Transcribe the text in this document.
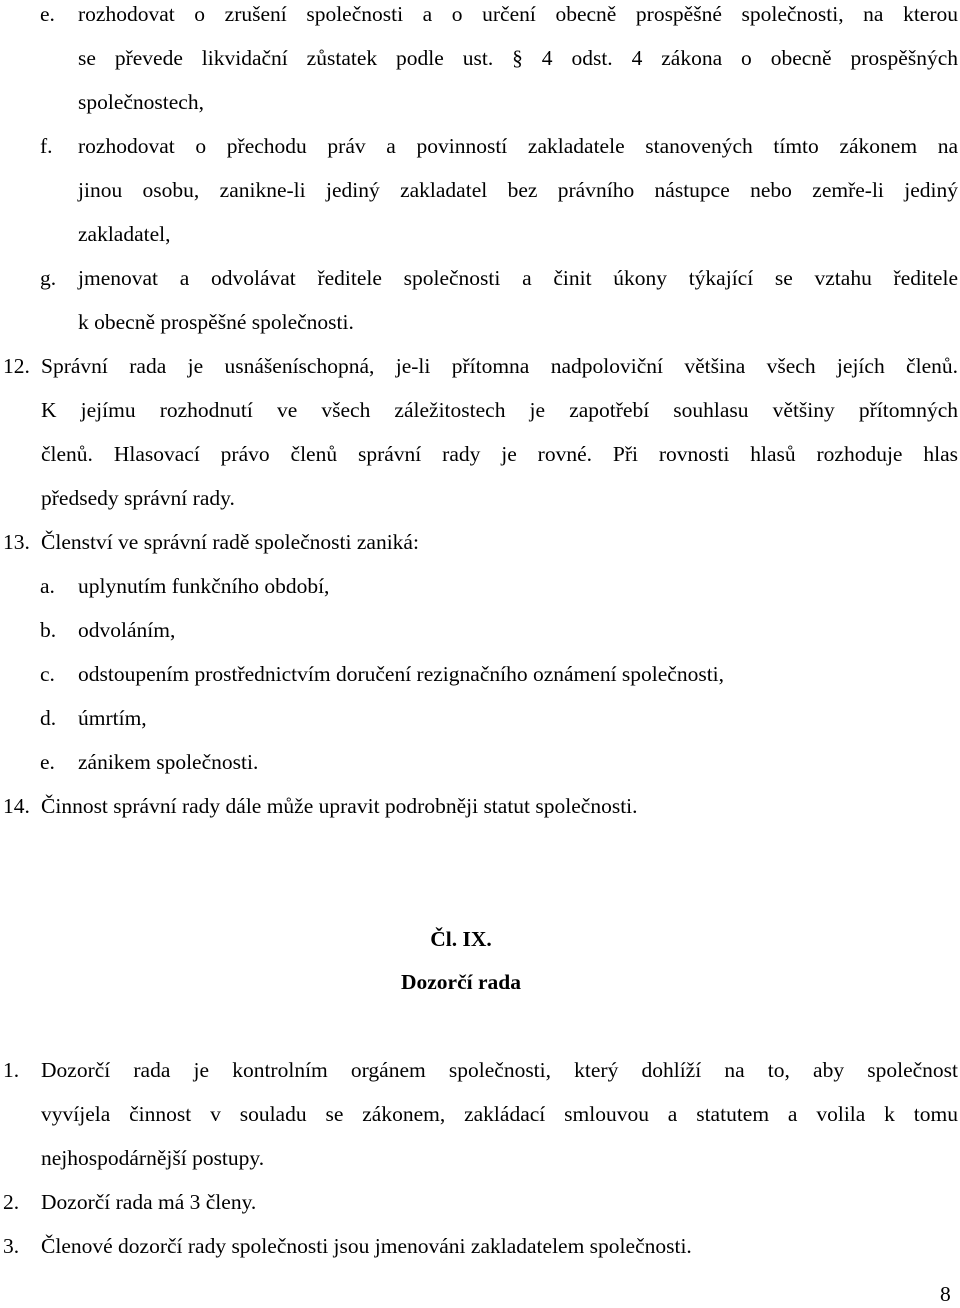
e. rozhodovat o zrušení společnosti a o určení obecně prospěšné společnosti, na kterou
se převede likvidační zůstatek podle ust. § 4 odst. 4 zákona o obecně prospěšných
společnostech,
f. rozhodovat o přechodu práv a povinností zakladatele stanovených tímto zákonem na
jinou osobu, zanikne-li jediný zakladatel bez právního nástupce nebo zemře-li jediný
zakladatel,
g. jmenovat a odvolávat ředitele společnosti a činit úkony týkající se vztahu ředitele
k obecně prospěšné společnosti.
12. Správní rada je usnášeníschopná, je-li přítomna nadpoloviční většina všech jejích členů.
K jejímu rozhodnutí ve všech záležitostech je zapotřebí souhlasu většiny přítomných
členů. Hlasovací právo členů správní rady je rovné. Při rovnosti hlasů rozhoduje hlas
předsedy správní rady.
13. Členství ve správní radě společnosti zaniká:
a. uplynutím funkčního období,
b. odvoláním,
c. odstoupením prostřednictvím doručení rezignačního oznámení společnosti,
d. úmrtím,
e. zánikem společnosti.
14. Činnost správní rady dále může upravit podrobněji statut společnosti.
Čl. IX.
Dozorčí rada
1. Dozorčí rada je kontrolním orgánem společnosti, který dohlíží na to, aby společnost
vyvíjela činnost v souladu se zákonem, zakládací smlouvou a statutem a volila k tomu
nejhospodárnější postupy.
2. Dozorčí rada má 3 členy.
3. Členové dozorčí rady společnosti jsou jmenováni zakladatelem společnosti.
8
